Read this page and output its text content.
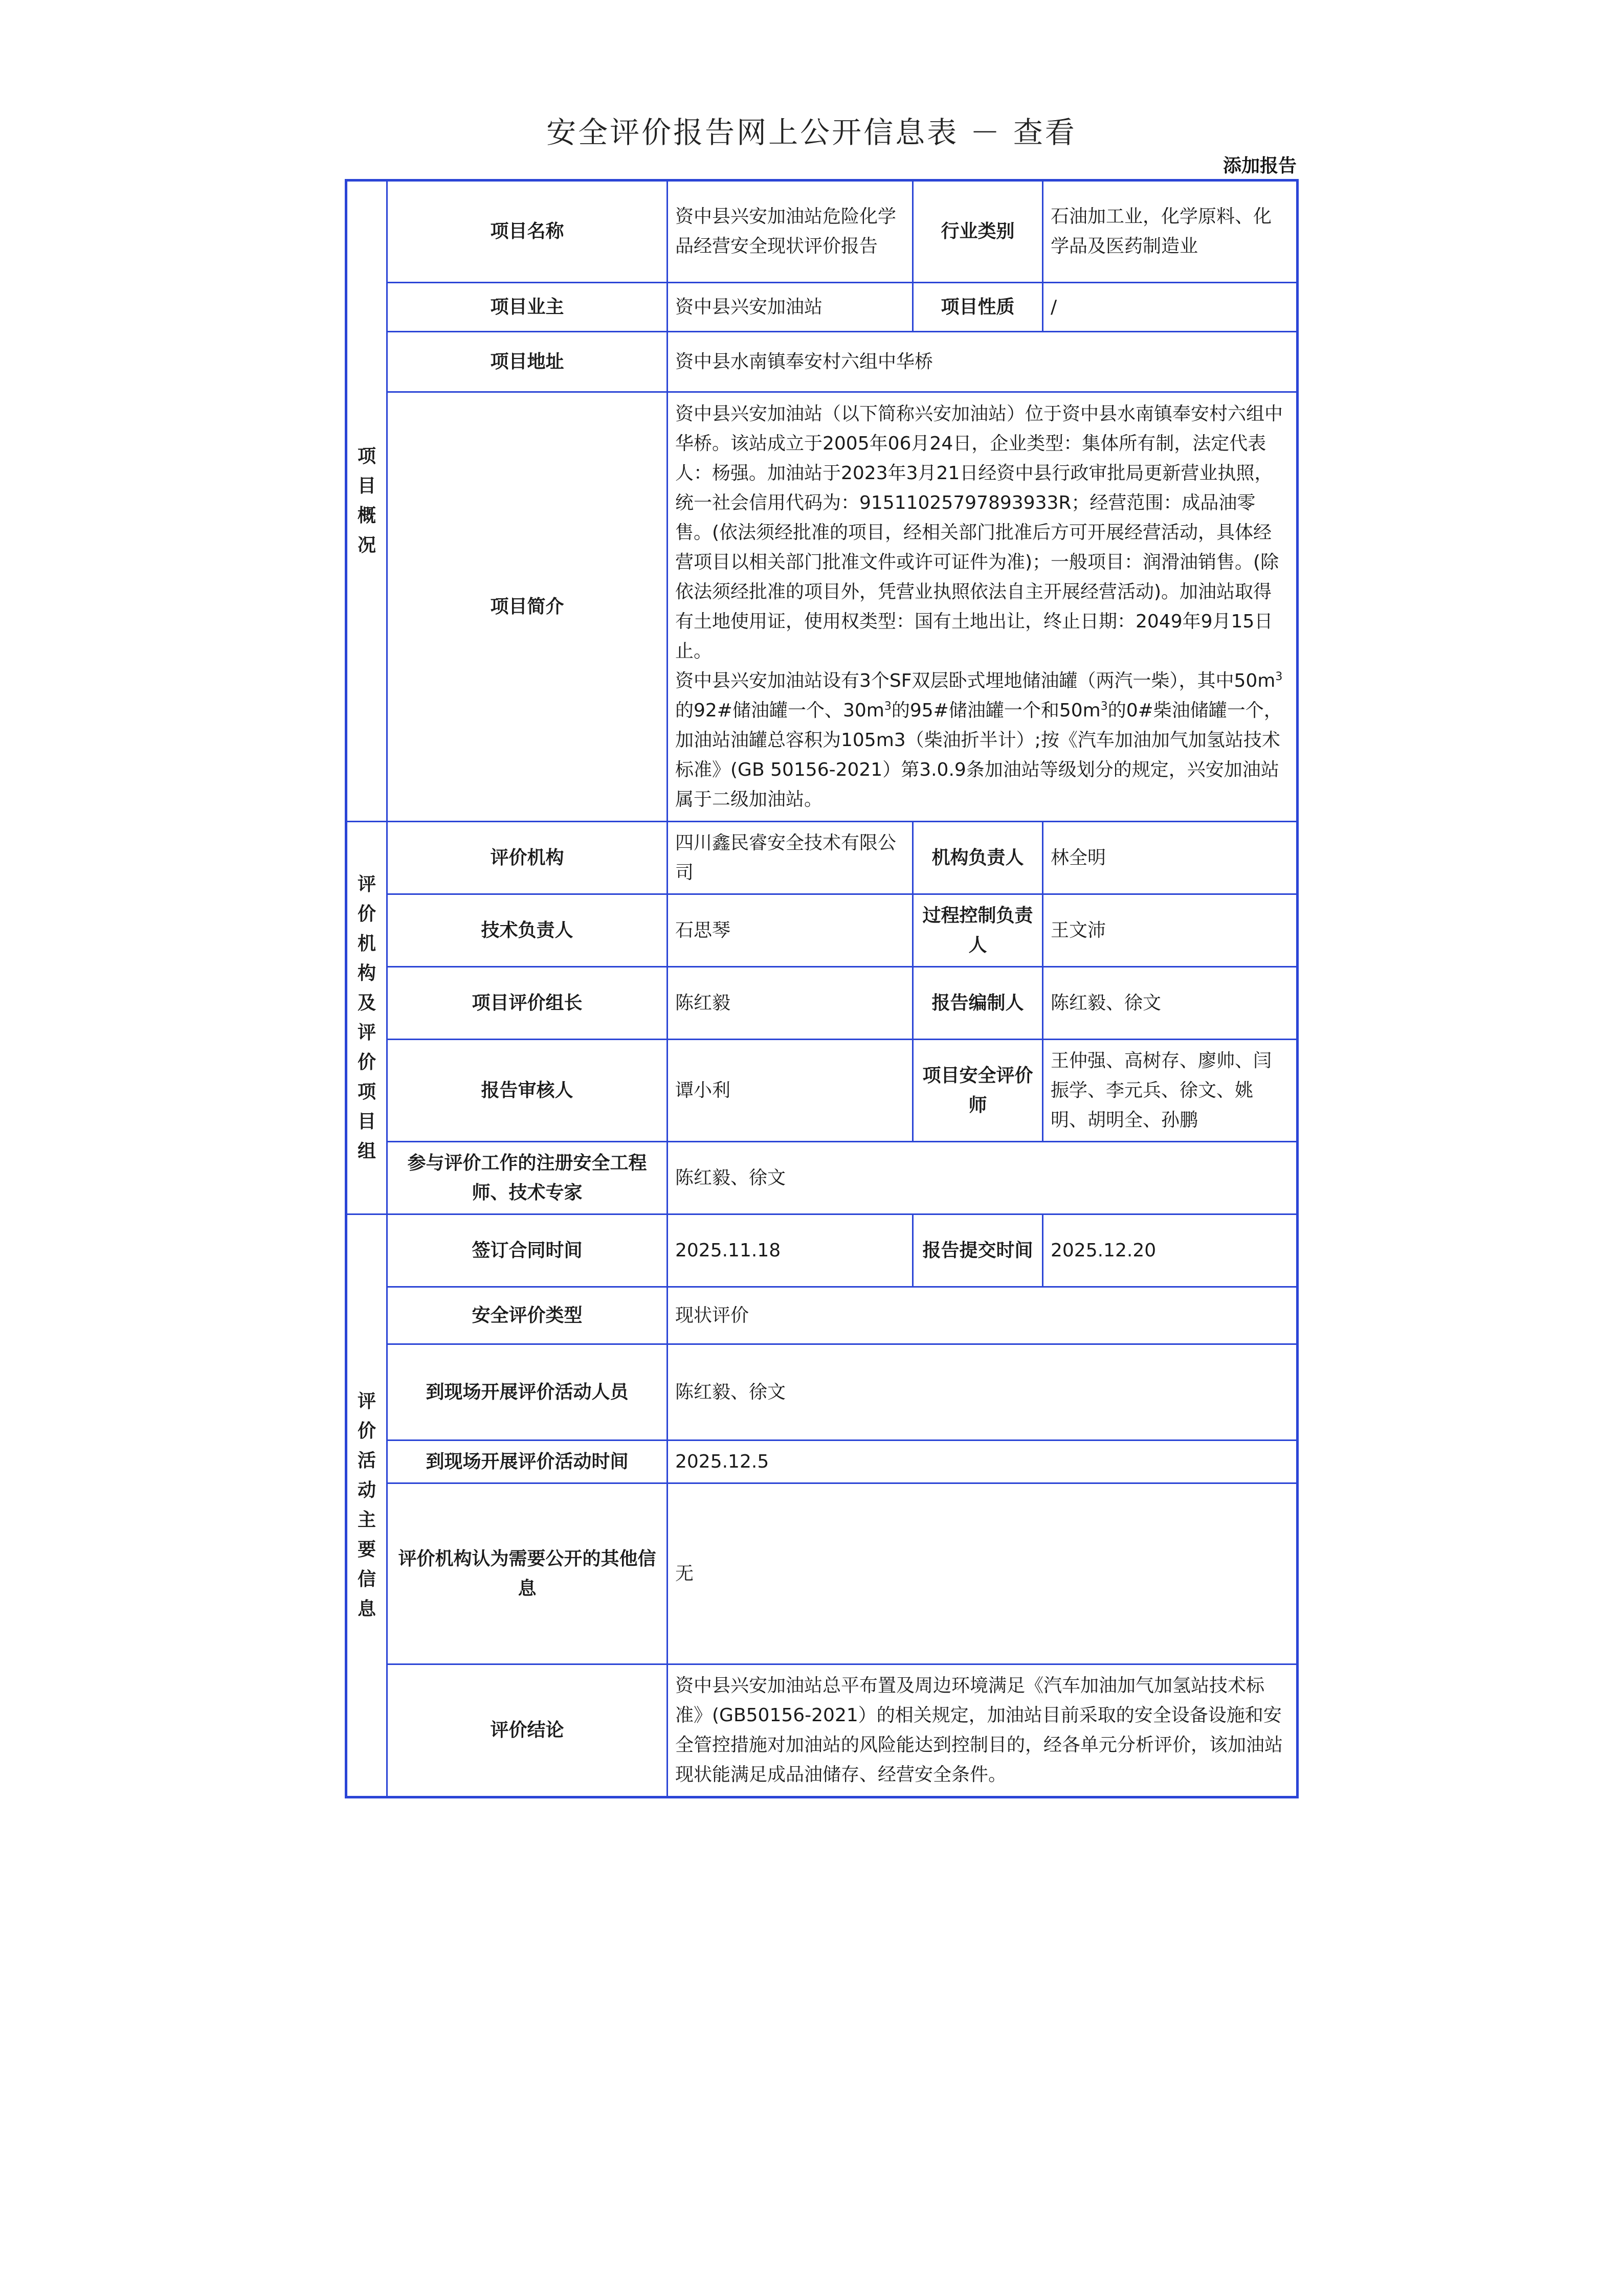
安全评价报告网上公开信息表 － 查看
添加报告
项目概况	项目名称	资中县兴安加油站危险化学品经营安全现状评价报告	行业类别	石油加工业，化学原料、化学品及医药制造业
	项目业主	资中县兴安加油站	项目性质	/
	项目地址	资中县水南镇奉安村六组中华桥		
	项目简介	资中县兴安加油站（以下简称兴安加油站）位于资中县水南镇奉安村六组中华桥。该站成立于2005年06月24日，企业类型：集体所有制，法定代表人：杨强。加油站于2023年3月21日经资中县行政审批局更新营业执照，统一社会信用代码为：91511025797893933R；经营范围：成品油零售。(依法须经批准的项目，经相关部门批准后方可开展经营活动，具体经营项目以相关部门批准文件或许可证件为准)；一般项目：润滑油销售。(除依法须经批准的项目外，凭营业执照依法自主开展经营活动)。加油站取得有土地使用证，使用权类型：国有土地出让，终止日期：2049年9月15日止。
资中县兴安加油站设有3个SF双层卧式埋地储油罐（两汽一柴），其中$50m^3$的92#储油罐一个、$30m^3$的95#储油罐一个和$50m^3$的0#柴油储罐一个，加油站油罐总容积为105m3（柴油折半计）;按《汽车加油加气加氢站技术标准》(GB 50156-2021）第3.0.9条加油站等级划分的规定，兴安加油站属于二级加油站。		

评价机构及评价项目组	评价机构	四川鑫民睿安全技术有限公司	机构负责人	林全明
	技术负责人	石思琴	过程控制负责人	王文沛
	项目评价组长	陈红毅	报告编制人	陈红毅、徐文
	报告审核人	谭小利	项目安全评价师	王仲强、高树存、廖帅、闫振学、李元兵、徐文、姚明、胡明全、孙鹏
	参与评价工作的注册安全工程师、技术专家	陈红毅、徐文		
评价活动主要信息	签订合同时间	2025.11.18	报告提交时间	2025.12.20
	安全评价类型	现状评价		
	到现场开展评价活动人员	陈红毅、徐文		
	到现场开展评价活动时间	2025.12.5		
	评价机构认为需要公开的其他信息	无		
	评价结论	资中县兴安加油站总平布置及周边环境满足《汽车加油加气加氢站技术标准》(GB50156-2021）的相关规定，加油站目前采取的安全设备设施和安全管控措施对加油站的风险能达到控制目的，经各单元分析评价，该加油站现状能满足成品油储存、经营安全条件。		
